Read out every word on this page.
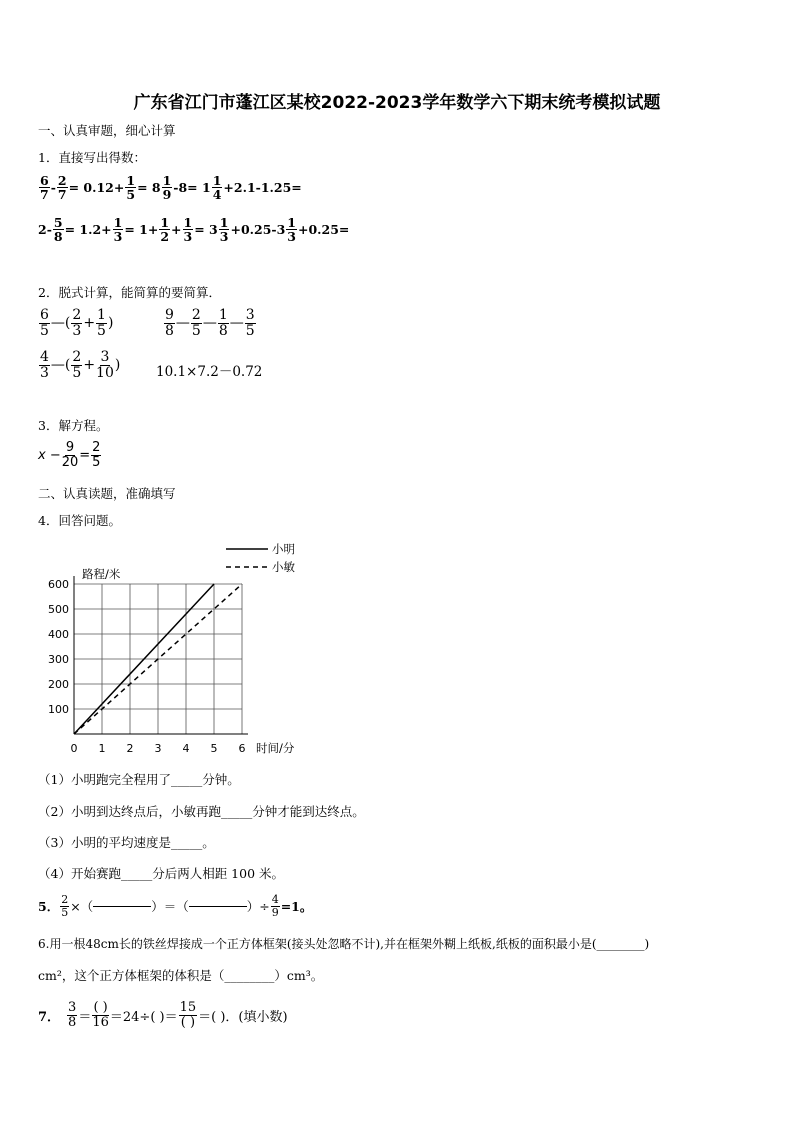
广东省江门市蓬江区某校2022-2023学年数学六下期末统考模拟试题
一、认真审题，细心计算
1．直接写出得数：
$\frac{6}{7} - \frac{2}{7} = 0.12+ \frac{1}{5} = 8 \frac{1}{9} -8= 1 \frac{1}{4} +2.1-1.25=$
$2- \frac{5}{8} = 1.2+ \frac{1}{3} = 1+ \frac{1}{2} + \frac{1}{3} = 3 \frac{1}{3} +0.25-3 \frac{1}{3} +0.25=$
2．脱式计算，能简算的要简算．
$\frac{6}{5}$ —( $\frac{2}{3} + \frac{1}{5}$ )	$\frac{9}{8}$ — $\frac{2}{5}$ — $\frac{1}{8}$ — $\frac{3}{5}$
$\frac{4}{3}$ —( $\frac{2}{5} + \frac{3}{10}$ )	10.1×7.2－0.72
3．解方程。
$x - \frac{9}{20} = \frac{2}{5}$
二、认真读题，准确填写
4．回答问题。
0 1 2 3 4 5 6
100
200
300
400
500
600
路程/米
时间/分
小明
小敏
（1）小明跑完全程用了_____分钟。
（2）小明到达终点后，小敏再跑_____分钟才能到达终点。
（3）小明的平均速度是_____。
（4）开始赛跑_____分后两人相距 100 米。
5． $\frac{2}{5}$ ×（	）＝（	）÷ $\frac{4}{9} =1$。
6.用一根48cm长的铁丝焊接成一个正方体框架(接头处忽略不计),并在框架外糊上纸板,纸板的面积最小是(________)
cm²，这个正方体框架的体积是（________）cm³。
7． $\frac{3}{8} = \frac{( )}{16} =24\div$( )＝ $\frac{15}{( )}$ ＝( )．(填小数)
